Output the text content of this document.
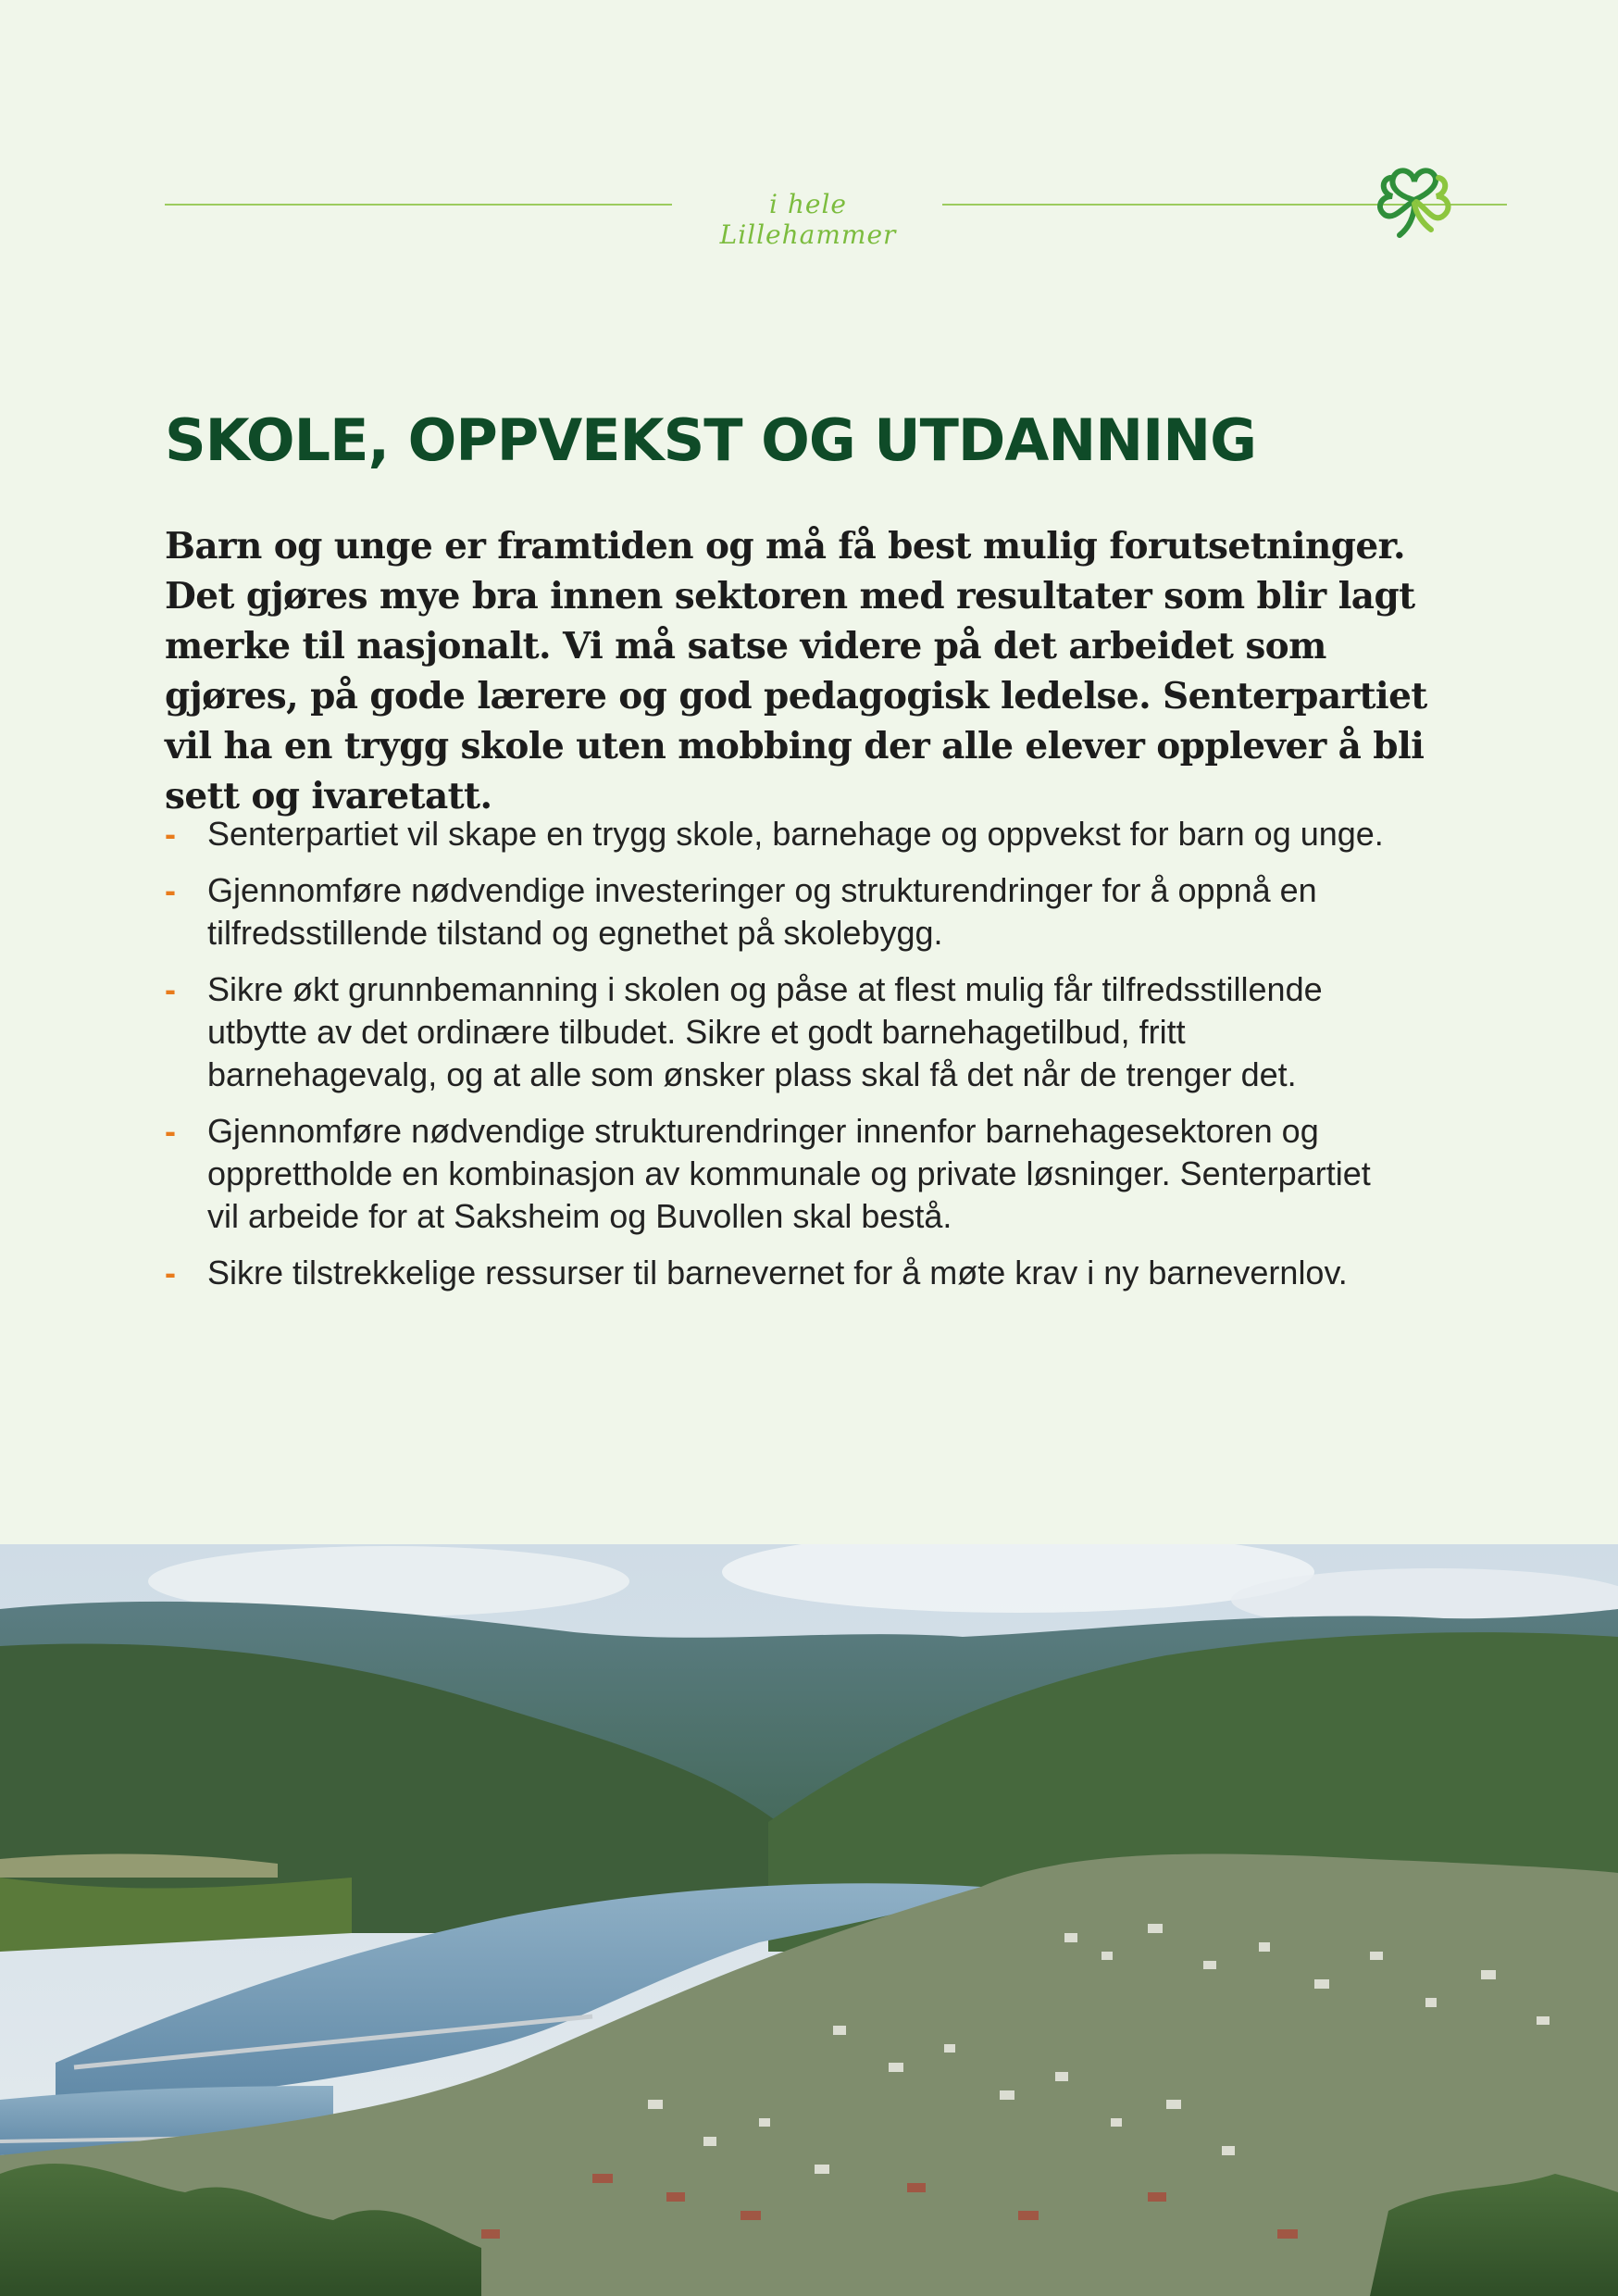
i hele Lillehammer
SKOLE, OPPVEKST OG UTDANNING

Barn og unge er framtiden og må få best mulig forutsetninger. Det gjøres mye bra innen sektoren med resultater som blir lagt merke til nasjonalt. Vi må satse videre på det arbeidet som gjøres, på gode lærere og god pedagogisk ledelse. Senterpartiet vil ha en trygg skole uten mobbing der alle elever opplever å bli sett og ivaretatt.

- Senterpartiet vil skape en trygg skole, barnehage og oppvekst for barn og unge.
- Gjennomføre nødvendige investeringer og strukturendringer for å oppnå en tilfredsstillende tilstand og egnethet på skolebygg.
- Sikre økt grunnbemanning i skolen og påse at flest mulig får tilfredsstillende utbytte av det ordinære tilbudet. Sikre et godt barnehagetilbud, fritt barnehagevalg, og at alle som ønsker plass skal få det når de trenger det.
- Gjennomføre nødvendige strukturendringer innenfor barnehagesektoren og opprettholde en kombinasjon av kommunale og private løsninger. Senterpartiet vil arbeide for at Saksheim og Buvollen skal bestå.
- Sikre tilstrekkelige ressurser til barnevernet for å møte krav i ny barnevernlov.
